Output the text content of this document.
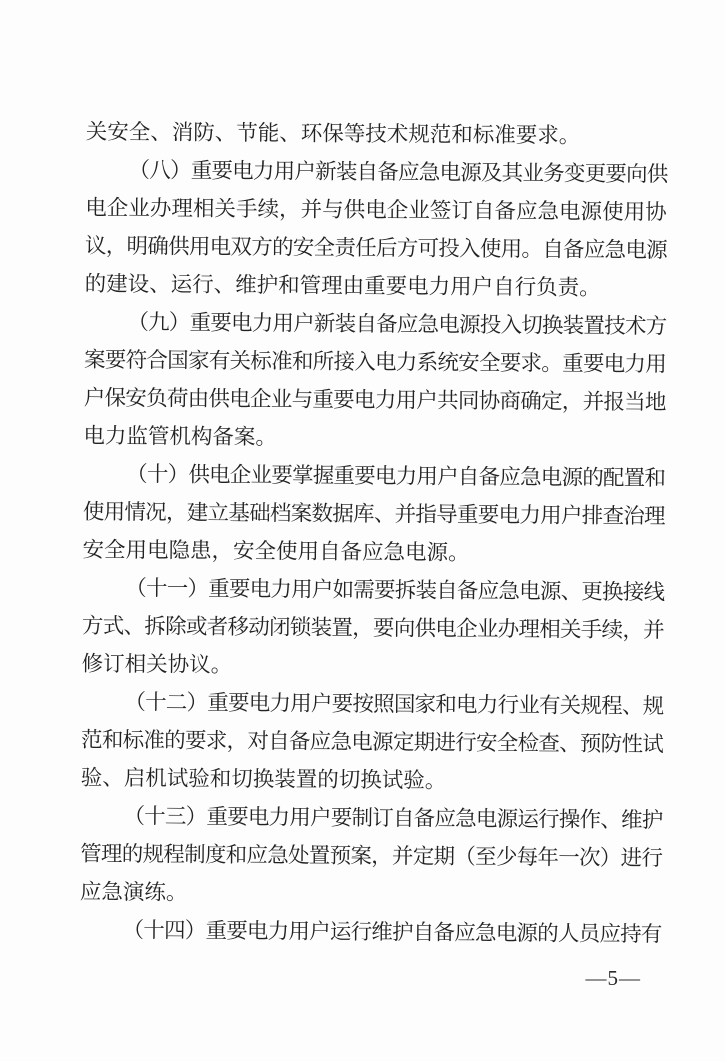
关安全、消防、节能、环保等技术规范和标准要求。
（八）重要电力用户新装自备应急电源及其业务变更要向供
电企业办理相关手续，并与供电企业签订自备应急电源使用协
议，明确供用电双方的安全责任后方可投入使用。自备应急电源
的建设、运行、维护和管理由重要电力用户自行负责。
（九）重要电力用户新装自备应急电源投入切换装置技术方
案要符合国家有关标准和所接入电力系统安全要求。重要电力用
户保安负荷由供电企业与重要电力用户共同协商确定，并报当地
电力监管机构备案。
（十）供电企业要掌握重要电力用户自备应急电源的配置和
使用情况，建立基础档案数据库、并指导重要电力用户排查治理
安全用电隐患，安全使用自备应急电源。
（十一）重要电力用户如需要拆装自备应急电源、更换接线
方式、拆除或者移动闭锁装置，要向供电企业办理相关手续，并
修订相关协议。
（十二）重要电力用户要按照国家和电力行业有关规程、规
范和标准的要求，对自备应急电源定期进行安全检查、预防性试
验、启机试验和切换装置的切换试验。
（十三）重要电力用户要制订自备应急电源运行操作、维护
管理的规程制度和应急处置预案，并定期（至少每年一次）进行
应急演练。
（十四）重要电力用户运行维护自备应急电源的人员应持有
—5—
